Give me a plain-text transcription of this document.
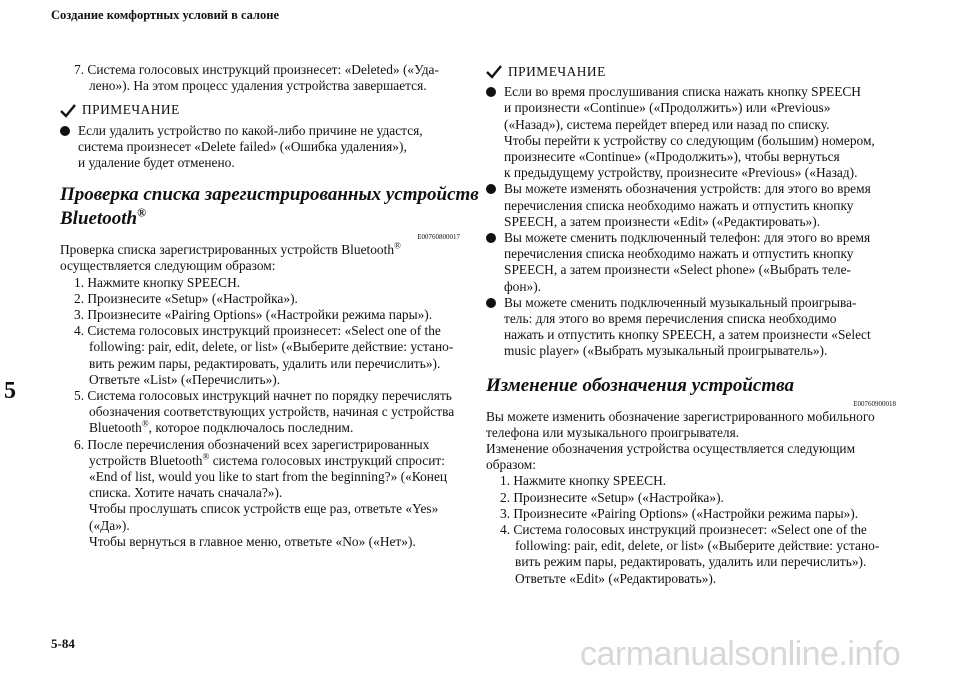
Создание комфортных условий в салоне
5
7. Система голосовых инструкций произнесет: «Deleted» («Уда-
лено»). На этом процесс удаления устройства завершается.
ПРИМЕЧАНИЕ
Если удалить устройство по какой-либо причине не удастся,
система произнесет «Delete failed» («Ошибка удаления»),
и удаление будет отменено.
Проверка списка зарегистрированных устройств
Bluetooth®
E00760800017
Проверка списка зарегистрированных устройств Bluetooth®
осуществляется следующим образом:
1. Нажмите кнопку SPEECH.
2. Произнесите «Setup» («Настройка»).
3. Произнесите «Pairing Options» («Настройки режима пары»).
4. Система голосовых инструкций произнесет: «Select one of the
following: pair, edit, delete, or list» («Выберите действие: устано-
вить режим пары, редактировать, удалить или перечислить»).
Ответьте «List» («Перечислить»).
5. Система голосовых инструкций начнет по порядку перечислять
обозначения соответствующих устройств, начиная с устройства
Bluetooth®, которое подключалось последним.
6. После перечисления обозначений всех зарегистрированных
устройств Bluetooth® система голосовых инструкций спросит:
«End of list, would you like to start from the beginning?» («Конец
списка. Хотите начать сначала?»).
Чтобы прослушать список устройств еще раз, ответьте «Yes»
(«Да»).
Чтобы вернуться в главное меню, ответьте «No» («Нет»).
ПРИМЕЧАНИЕ
Если во время прослушивания списка нажать кнопку SPEECH
и произнести «Continue» («Продолжить») или «Previous»
(«Назад»), система перейдет вперед или назад по списку.
Чтобы перейти к устройству со следующим (большим) номером,
произнесите «Continue» («Продолжить»), чтобы вернуться
к предыдущему устройству, произнесите «Previous» («Назад).
Вы можете изменять обозначения устройств: для этого во время
перечисления списка необходимо нажать и отпустить кнопку
SPEECH, а затем произнести «Edit» («Редактировать»).
Вы можете сменить подключенный телефон: для этого во время
перечисления списка необходимо нажать и отпустить кнопку
SPEECH, а затем произнести «Select phone» («Выбрать теле-
фон»).
Вы можете сменить подключенный музыкальный проигрыва-
тель: для этого во время перечисления списка необходимо
нажать и отпустить кнопку SPEECH, а затем произнести «Select
music player» («Выбрать музыкальный проигрыватель»).
Изменение обозначения устройства
E00760900018
Вы можете изменить обозначение зарегистрированного мобильного
телефона или музыкального проигрывателя.
Изменение обозначения устройства осуществляется следующим
образом:
1. Нажмите кнопку SPEECH.
2. Произнесите «Setup» («Настройка»).
3. Произнесите «Pairing Options» («Настройки режима пары»).
4. Система голосовых инструкций произнесет: «Select one of the
following: pair, edit, delete, or list» («Выберите действие: устано-
вить режим пары, редактировать, удалить или перечислить»).
Ответьте «Edit» («Редактировать»).
5-84	carmanualsonline.info
